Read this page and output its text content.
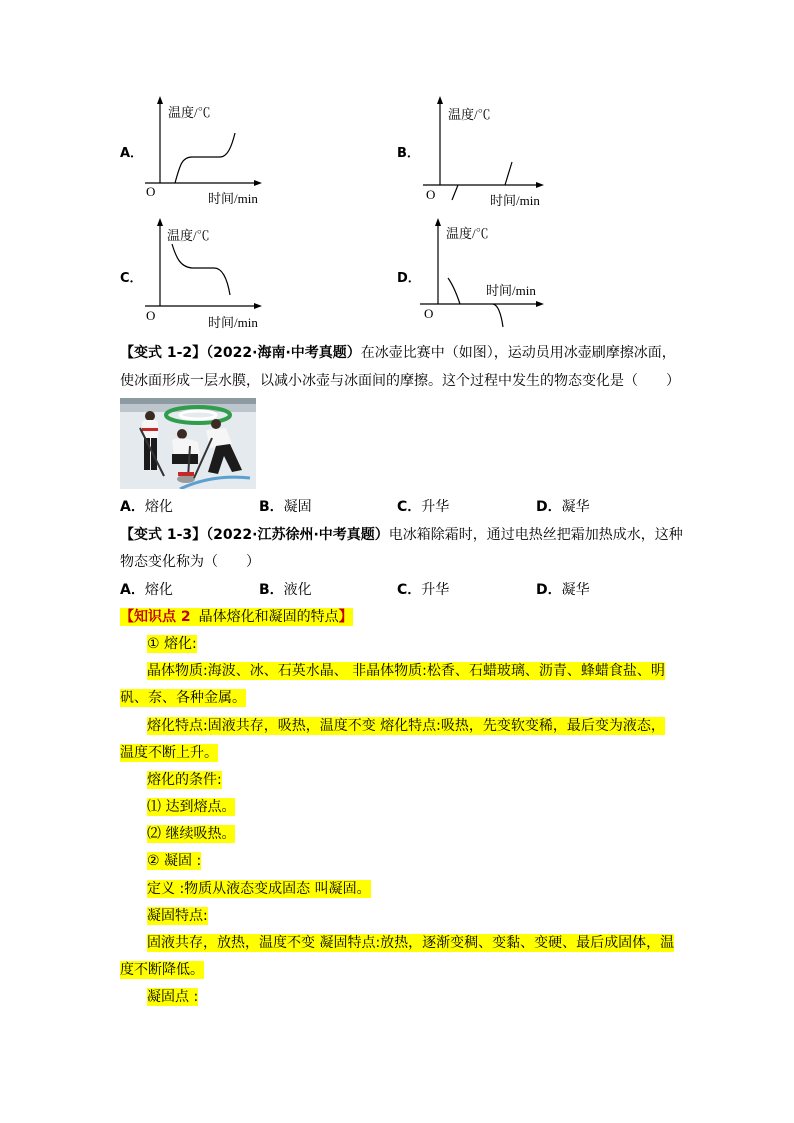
A．
温度/℃
O	时间/min
B．
温度/℃
O	时间/min
C．
温度/℃
O	时间/min
D．
温度/℃
O
时间/min
【变式 1-2】（2022·海南·中考真题）在冰壶比赛中（如图），运动员用冰壶刷摩擦冰面，
使冰面形成一层水膜，以减小冰壶与冰面间的摩擦。这个过程中发生的物态变化是（　　）
A．熔化	B．凝固	C．升华	D．凝华
【变式 1-3】（2022·江苏徐州·中考真题）电冰箱除霜时，通过电热丝把霜加热成水，这种
物态变化称为（　　）
A．熔化	B．液化	C．升华	D．凝华
【知识点 2 晶体熔化和凝固的特点】
① 熔化:
晶体物质:海波、冰、石英水晶、 非晶体物质:松香、石蜡玻璃、沥青、蜂蜡食盐、明
矾、奈、各种金属。
熔化特点:固液共存，吸热，温度不变 熔化特点:吸热，先变软变稀，最后变为液态，
温度不断上升。
熔化的条件:
⑴ 达到熔点。
⑵ 继续吸热。
② 凝固 :
定义 :物质从液态变成固态 叫凝固。
凝固特点:
固液共存，放热，温度不变 凝固特点:放热，逐渐变稠、变黏、变硬、最后成固体，温
度不断降低。
凝固点 :
